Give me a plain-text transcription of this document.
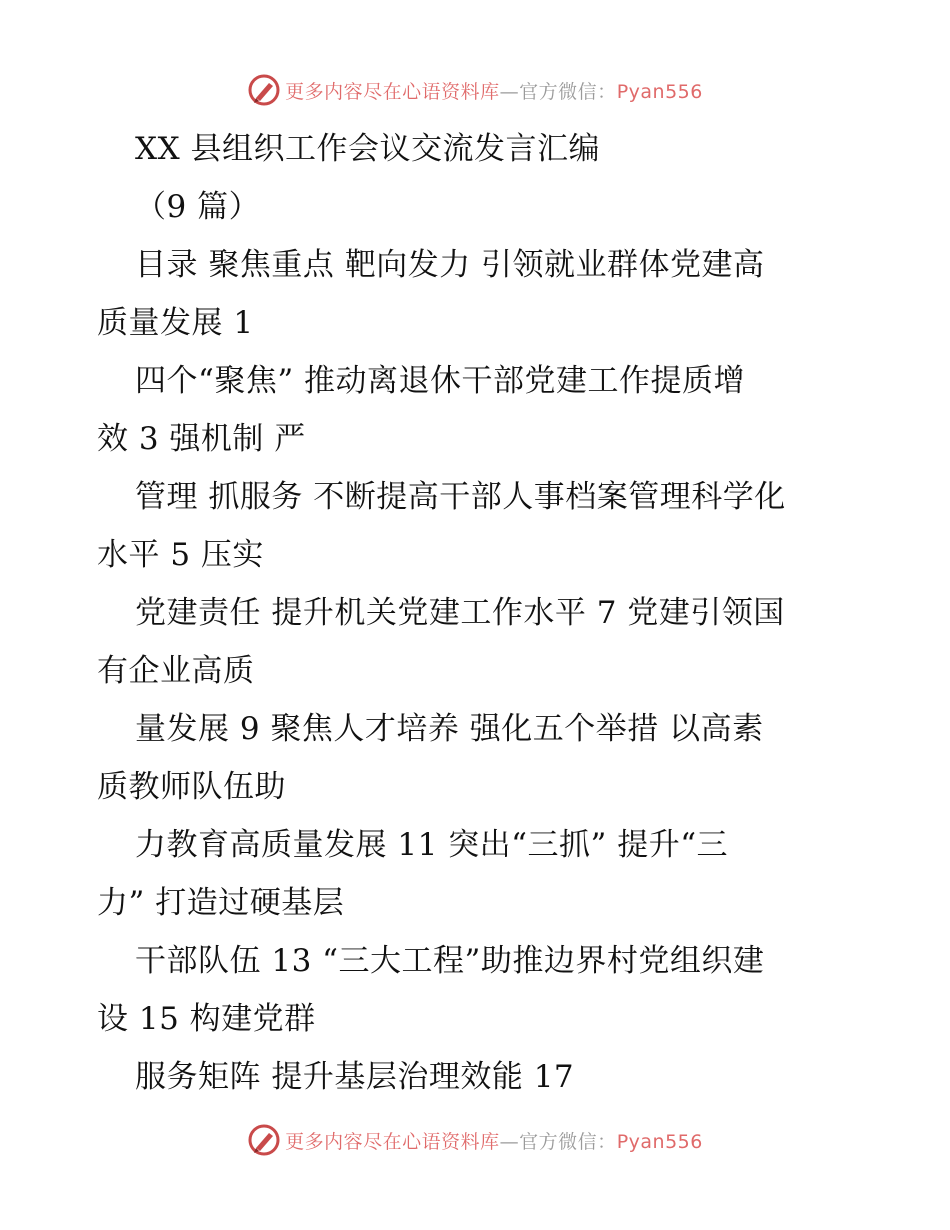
更多内容尽在心语资料库—官方微信：Pyan556
XX 县组织工作会议交流发言汇编
（9 篇）
目录 聚焦重点 靶向发力 引领就业群体党建高
质量发展 1
四个“聚焦” 推动离退休干部党建工作提质增
效 3 强机制 严
管理 抓服务 不断提高干部人事档案管理科学化
水平 5 压实
党建责任 提升机关党建工作水平 7 党建引领国
有企业高质
量发展 9 聚焦人才培养 强化五个举措 以高素
质教师队伍助
力教育高质量发展 11 突出“三抓” 提升“三
力” 打造过硬基层
干部队伍 13 “三大工程”助推边界村党组织建
设 15 构建党群
服务矩阵 提升基层治理效能 17
更多内容尽在心语资料库—官方微信：Pyan556
